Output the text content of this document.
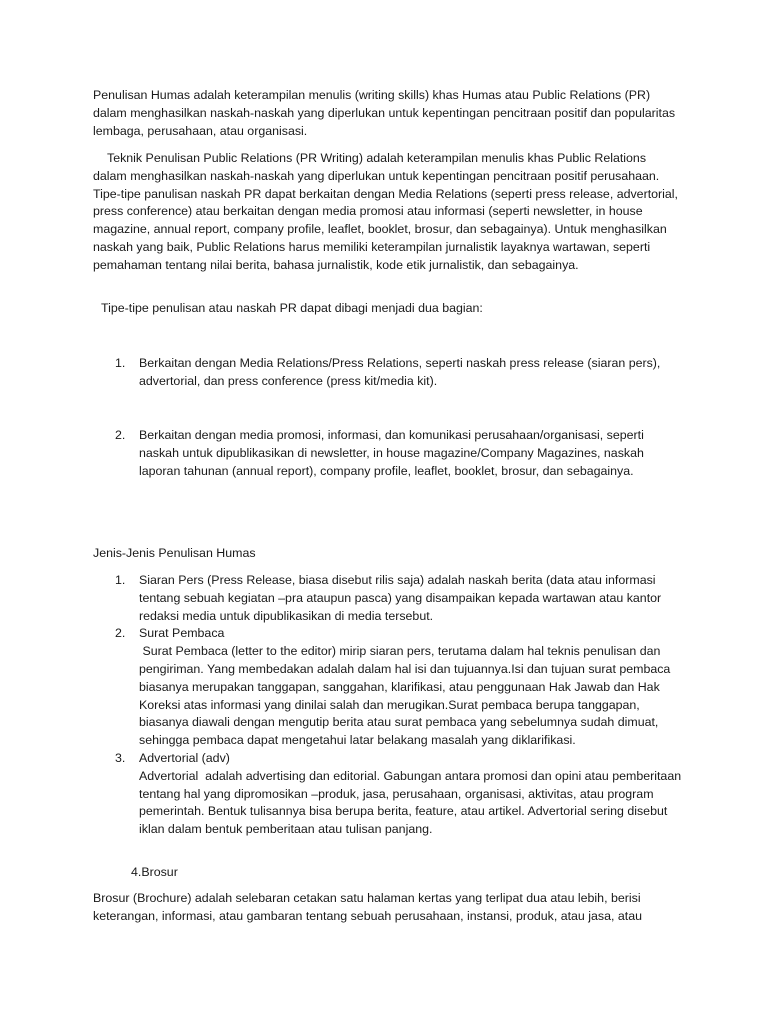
Penulisan Humas adalah keterampilan menulis (writing skills) khas Humas atau Public Relations (PR) dalam menghasilkan naskah-naskah yang diperlukan untuk kepentingan pencitraan positif dan popularitas lembaga, perusahaan, atau organisasi.

Teknik Penulisan Public Relations (PR Writing) adalah keterampilan menulis khas Public Relations dalam menghasilkan naskah-naskah yang diperlukan untuk kepentingan pencitraan positif perusahaan. Tipe-tipe panulisan naskah PR dapat berkaitan dengan Media Relations (seperti press release, advertorial, press conference) atau berkaitan dengan media promosi atau informasi (seperti newsletter, in house magazine, annual report, company profile, leaflet, booklet, brosur, dan sebagainya). Untuk menghasilkan naskah yang baik, Public Relations harus memiliki keterampilan jurnalistik layaknya wartawan, seperti pemahaman tentang nilai berita, bahasa jurnalistik, kode etik jurnalistik, dan sebagainya.

Tipe-tipe penulisan atau naskah PR dapat dibagi menjadi dua bagian:

1. Berkaitan dengan Media Relations/Press Relations, seperti naskah press release (siaran pers), advertorial, dan press conference (press kit/media kit).
2. Berkaitan dengan media promosi, informasi, dan komunikasi perusahaan/organisasi, seperti naskah untuk dipublikasikan di newsletter, in house magazine/Company Magazines, naskah laporan tahunan (annual report), company profile, leaflet, booklet, brosur, dan sebagainya.

Jenis-Jenis Penulisan Humas

1. Siaran Pers (Press Release, biasa disebut rilis saja) adalah naskah berita (data atau informasi tentang sebuah kegiatan –pra ataupun pasca) yang disampaikan kepada wartawan atau kantor redaksi media untuk dipublikasikan di media tersebut.
2. Surat Pembaca
Surat Pembaca (letter to the editor) mirip siaran pers, terutama dalam hal teknis penulisan dan pengiriman. Yang membedakan adalah dalam hal isi dan tujuannya.Isi dan tujuan surat pembaca biasanya merupakan tanggapan, sanggahan, klarifikasi, atau penggunaan Hak Jawab dan Hak Koreksi atas informasi yang dinilai salah dan merugikan.Surat pembaca berupa tanggapan, biasanya diawali dengan mengutip berita atau surat pembaca yang sebelumnya sudah dimuat, sehingga pembaca dapat mengetahui latar belakang masalah yang diklarifikasi.
3. Advertorial (adv)
Advertorial  adalah advertising dan editorial. Gabungan antara promosi dan opini atau pemberitaan tentang hal yang dipromosikan –produk, jasa, perusahaan, organisasi, aktivitas, atau program pemerintah. Bentuk tulisannya bisa berupa berita, feature, atau artikel. Advertorial sering disebut iklan dalam bentuk pemberitaan atau tulisan panjang.

4.Brosur

Brosur (Brochure) adalah selebaran cetakan satu halaman kertas yang terlipat dua atau lebih, berisi keterangan, informasi, atau gambaran tentang sebuah perusahaan, instansi, produk, atau jasa, atau
